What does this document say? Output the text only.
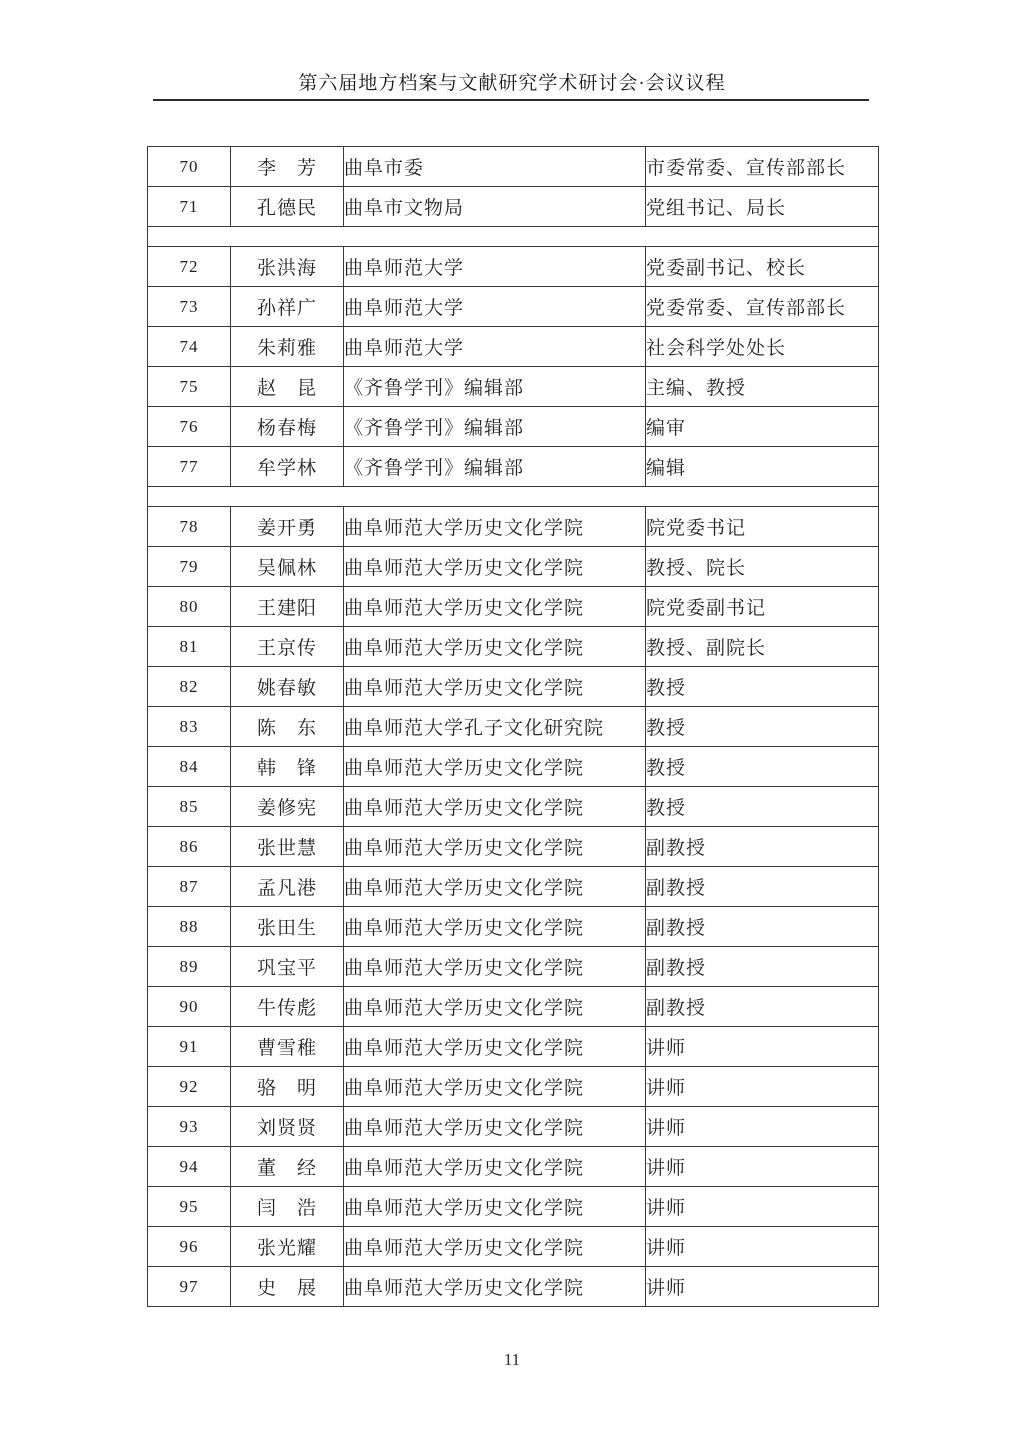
第六届地方档案与文献研究学术研讨会·会议议程
70	李　芳	曲阜市委	市委常委、宣传部部长
71	孔德民	曲阜市文物局	党组书记、局长

72	张洪海	曲阜师范大学	党委副书记、校长
73	孙祥广	曲阜师范大学	党委常委、宣传部部长
74	朱莉雅	曲阜师范大学	社会科学处处长
75	赵　昆	《齐鲁学刊》编辑部	主编、教授
76	杨春梅	《齐鲁学刊》编辑部	编审
77	牟学林	《齐鲁学刊》编辑部	编辑

78	姜开勇	曲阜师范大学历史文化学院	院党委书记
79	吴佩林	曲阜师范大学历史文化学院	教授、院长
80	王建阳	曲阜师范大学历史文化学院	院党委副书记
81	王京传	曲阜师范大学历史文化学院	教授、副院长
82	姚春敏	曲阜师范大学历史文化学院	教授
83	陈　东	曲阜师范大学孔子文化研究院	教授
84	韩　锋	曲阜师范大学历史文化学院	教授
85	姜修宪	曲阜师范大学历史文化学院	教授
86	张世慧	曲阜师范大学历史文化学院	副教授
87	孟凡港	曲阜师范大学历史文化学院	副教授
88	张田生	曲阜师范大学历史文化学院	副教授
89	巩宝平	曲阜师范大学历史文化学院	副教授
90	牛传彪	曲阜师范大学历史文化学院	副教授
91	曹雪稚	曲阜师范大学历史文化学院	讲师
92	骆　明	曲阜师范大学历史文化学院	讲师
93	刘贤贤	曲阜师范大学历史文化学院	讲师
94	董　经	曲阜师范大学历史文化学院	讲师
95	闫　浩	曲阜师范大学历史文化学院	讲师
96	张光耀	曲阜师范大学历史文化学院	讲师
97	史　展	曲阜师范大学历史文化学院	讲师
11
